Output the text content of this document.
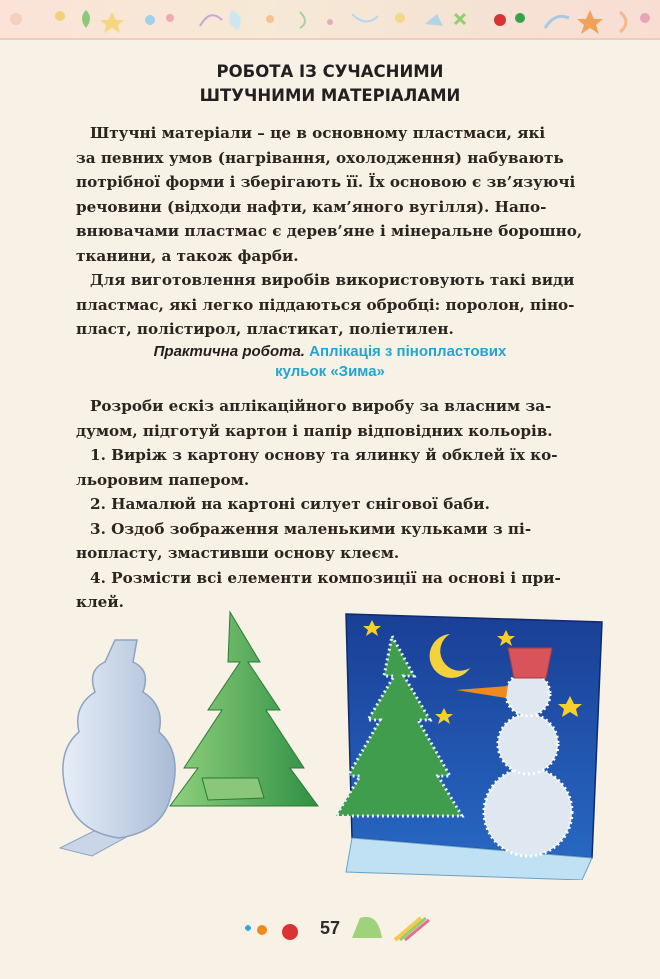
РОБОТА ІЗ СУЧАСНИМИ
ШТУЧНИМИ МАТЕРІАЛАМИ
Штучні матеріали – це в основному пластмаси, які
за певних умов (нагрівання, охолодження) набувають
потрібної форми і зберігають її. Їх основою є зв’язуючі
речовини (відходи нафти, кам’яного вугілля). Напо-
внювачами пластмас є дерев’яне і мінеральне борошно,
тканини, а також фарби.
Для виготовлення виробів використовують такі види
пластмас, які легко піддаються обробці: поролон, піно-
пласт, полістирол, пластикат, поліетилен.
Практична робота. Аплікація з пінопластових
кульок «Зима»
Розроби ескіз аплікаційного виробу за власним за-
думом, підготуй картон і папір відповідних кольорів.
1. Виріж з картону основу та ялинку й обклей їх ко-
льоровим папером.
2. Намалюй на картоні силует снігової баби.
3. Оздоб зображення маленькими кульками з пі-
нопласту, змастивши основу клеєм.
4. Розмісти всі елементи композиції на основі і при-
клей.
57
